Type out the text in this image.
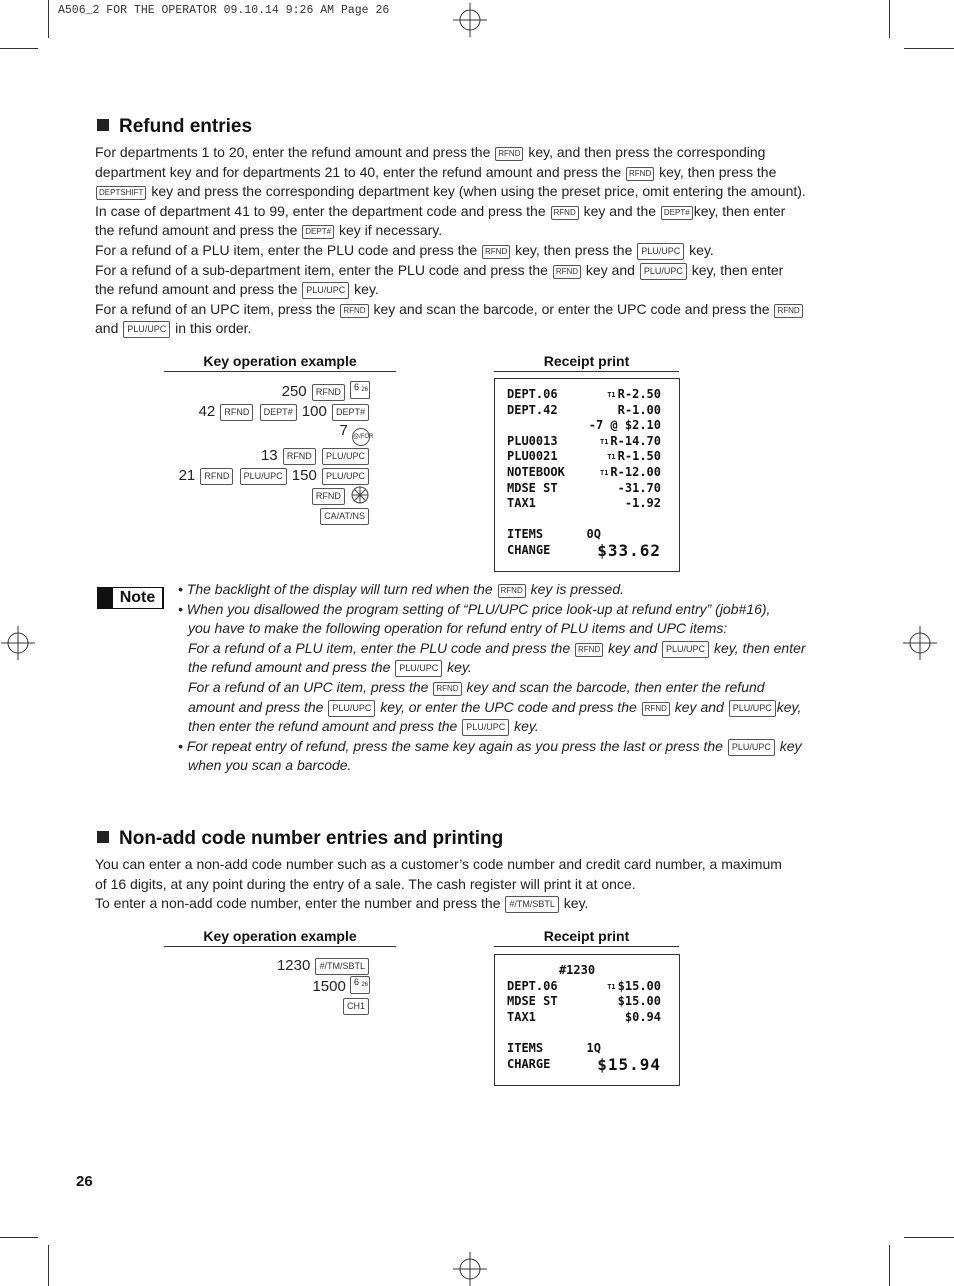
A506_2 FOR THE OPERATOR 09.10.14 9:26 AM Page 26
Refund entries
For departments 1 to 20, enter the refund amount and press the RFND key, and then press the corresponding
department key and for departments 21 to 40, enter the refund amount and press the RFND key, then press the
DEPTSHIFT key and press the corresponding department key (when using the preset price, omit entering the amount).
In case of department 41 to 99, enter the department code and press the RFND key and the DEPT# key, then enter
the refund amount and press the DEPT# key if necessary.
For a refund of a PLU item, enter the PLU code and press the RFND key, then press the PLU/UPC key.
For a refund of a sub-department item, enter the PLU code and press the RFND key and PLU/UPC key, then enter
the refund amount and press the PLU/UPC key.
For a refund of an UPC item, press the RFND key and scan the barcode, or enter the UPC code and press the RFND
and PLU/UPC in this order.
Key operation example	Receipt print
250 RFND 6 26
42 RFND DEPT# 100 DEPT#
7 @/FOR
13 RFND PLU/UPC
21 RFND PLU/UPC 150 PLU/UPC
RFND
CA/AT/NS
DEPT.06	T1 R-2.50
DEPT.42	R-1.00
-7 @ $2.10
PLU0013	T1 R-14.70
PLU0021	T1 R-1.50
NOTEBOOK	T1 R-12.00
MDSE ST	-31.70
TAX1	-1.92
ITEMS      0Q
CHANGE	$33.62
Note	• The backlight of the display will turn red when the RFND key is pressed.
• When you disallowed the program setting of “PLU/UPC price look-up at refund entry” (job#16),
you have to make the following operation for refund entry of PLU items and UPC items:
For a refund of a PLU item, enter the PLU code and press the RFND key and PLU/UPC key, then enter
the refund amount and press the PLU/UPC key.
For a refund of an UPC item, press the RFND key and scan the barcode, then enter the refund
amount and press the PLU/UPC key, or enter the UPC code and press the RFND key and PLU/UPC key,
then enter the refund amount and press the PLU/UPC key.
• For repeat entry of refund, press the same key again as you press the last or press the PLU/UPC key
when you scan a barcode.
Non-add code number entries and printing
You can enter a non-add code number such as a customer’s code number and credit card number, a maximum
of 16 digits, at any point during the entry of a sale. The cash register will print it at once.
To enter a non-add code number, enter the number and press the #/TM/SBTL key.
Key operation example	Receipt print
1230 #/TM/SBTL
1500 6 26
CH1
#1230
DEPT.06	T1 $15.00
MDSE ST	$15.00
TAX1	$0.94
ITEMS      1Q
CHARGE	$15.94
26
